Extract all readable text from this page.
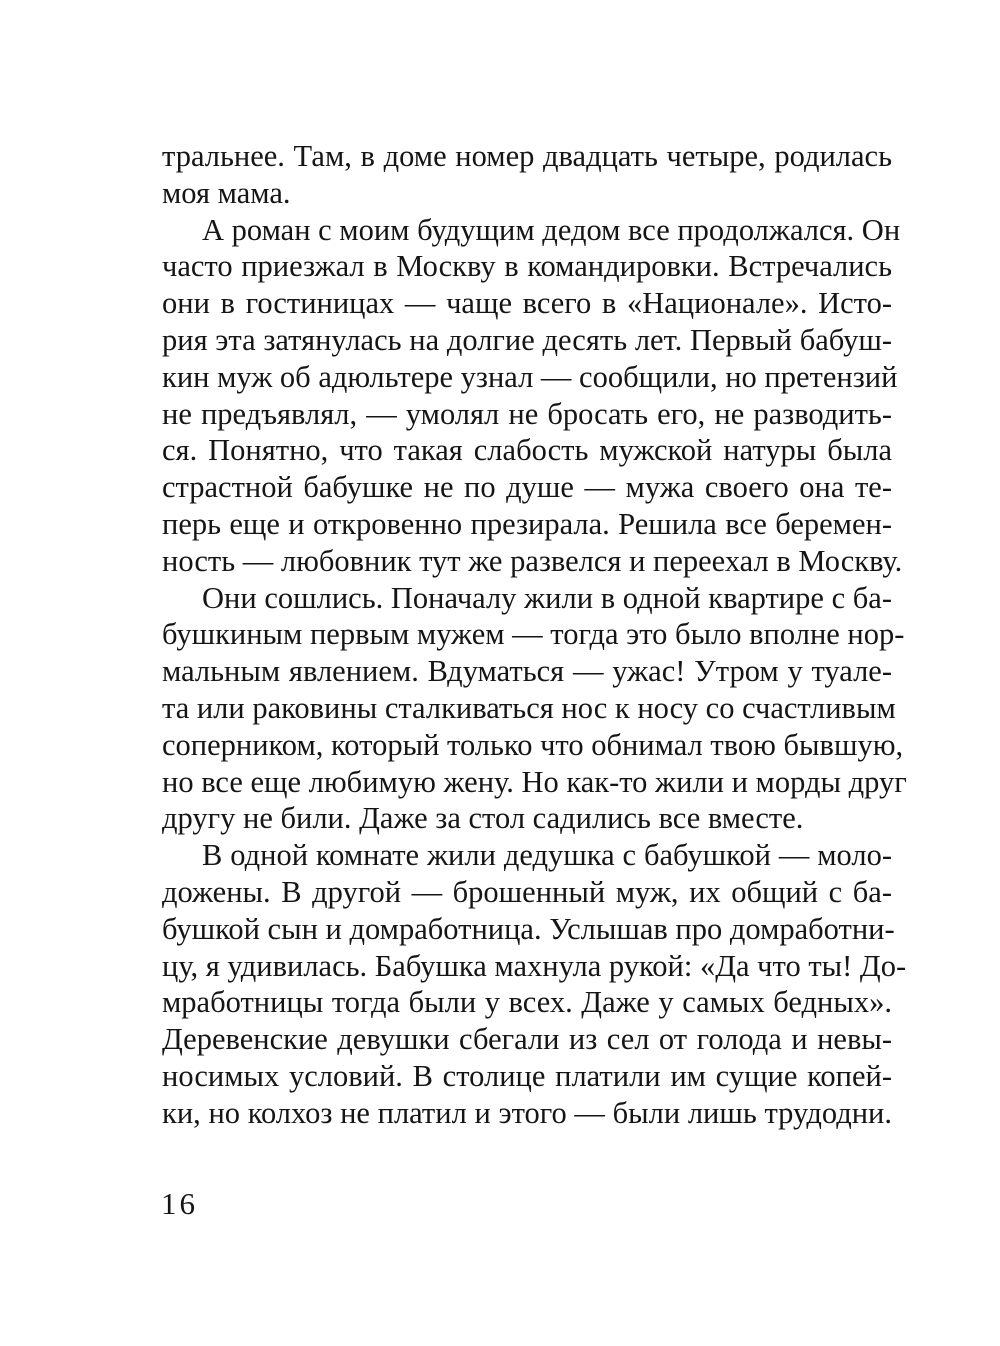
тральнее. Там, в доме номер двадцать четыре, родилась
моя мама.
А роман с моим будущим дедом все продолжался. Он
часто приезжал в Москву в командировки. Встречались
они в гостиницах — чаще всего в «Националe». Исто-
рия эта затянулась на долгие десять лет. Первый бабуш-
кин муж об адюльтере узнал — сообщили, но претензий
не предъявлял, — умолял не бросать его, не разводить-
ся. Понятно, что такая слабость мужской натуры была
страстной бабушке не по душе — мужа своего она те-
перь еще и откровенно презирала. Решила все беремен-
ность — любовник тут же развелся и переехал в Москву.
Они сошлись. Поначалу жили в одной квартире с ба-
бушкиным первым мужем — тогда это было вполне нор-
мальным явлением. Вдуматься — ужас! Утром у туале-
та или раковины сталкиваться нос к носу со счастливым
соперником, который только что обнимал твою бывшую,
но все еще любимую жену. Но как-то жили и морды друг
другу не били. Даже за стол садились все вместе.
В одной комнате жили дедушка с бабушкой — моло-
дожены. В другой — брошенный муж, их общий с ба-
бушкой сын и домработница. Услышав про домработни-
цу, я удивилась. Бабушка махнула рукой: «Да что ты! До-
мработницы тогда были у всех. Даже у самых бедных».
Деревенские девушки сбегали из сел от голода и невы-
носимых условий. В столице платили им сущие копей-
ки, но колхоз не платил и этого — были лишь трудодни.
16
